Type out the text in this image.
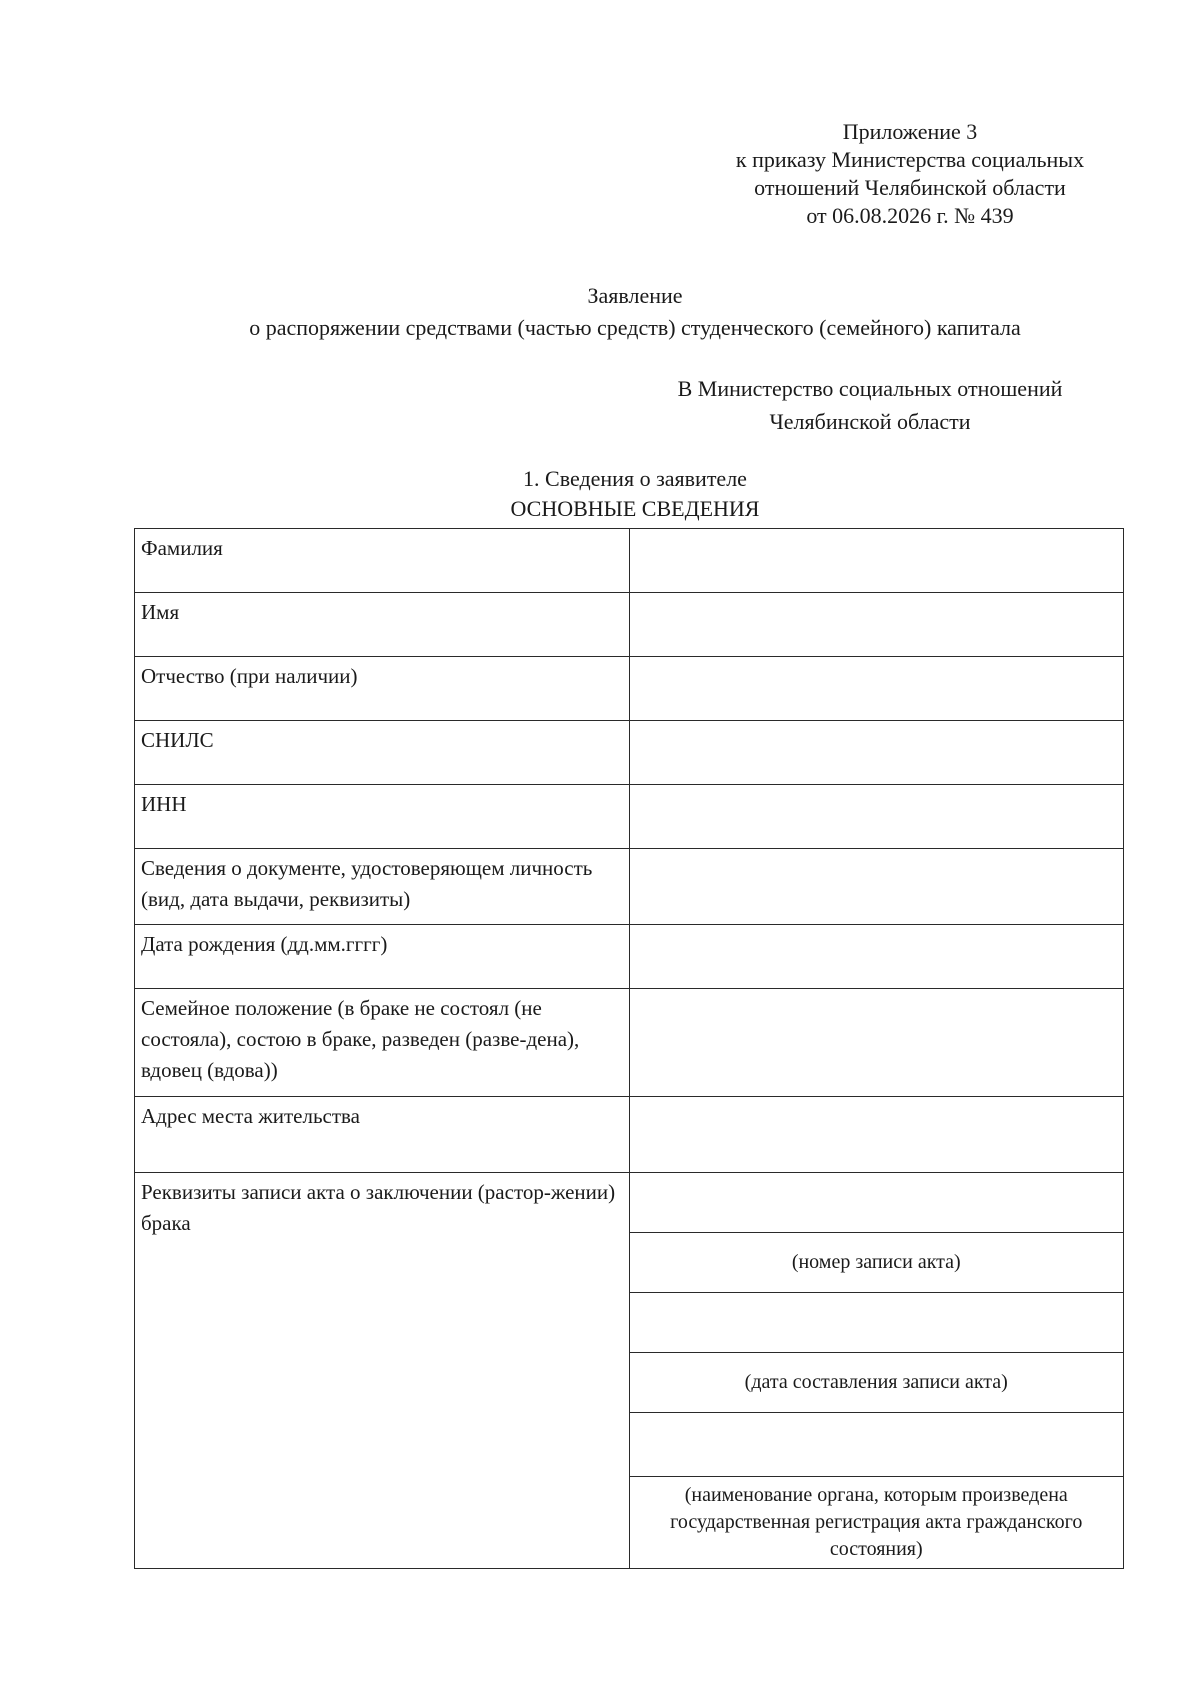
Приложение 3
к приказу Министерства социальных
отношений Челябинской области
от 06.08.2026 г. № 439
Заявление
о распоряжении средствами (частью средств) студенческого (семейного) капитала
В Министерство социальных отношений
Челябинской области
1. Сведения о заявителе
ОСНОВНЫЕ СВЕДЕНИЯ
Фамилия	
Имя	
Отчество (при наличии)	
СНИЛС	
ИНН	
Сведения о документе, удостоверяющем личность (вид, дата выдачи, реквизиты)	
Дата рождения (дд.мм.гггг)	
Семейное положение (в браке не состоял (не состояла), состою в браке, разведен (разве-дена), вдовец (вдова))	
Адрес места жительства	
Реквизиты записи акта о заключении (растор-жении) брака	
	(номер записи акта)

	(дата составления записи акта)

	(наименование органа, которым произведена государственная регистрация акта гражданского состояния)
